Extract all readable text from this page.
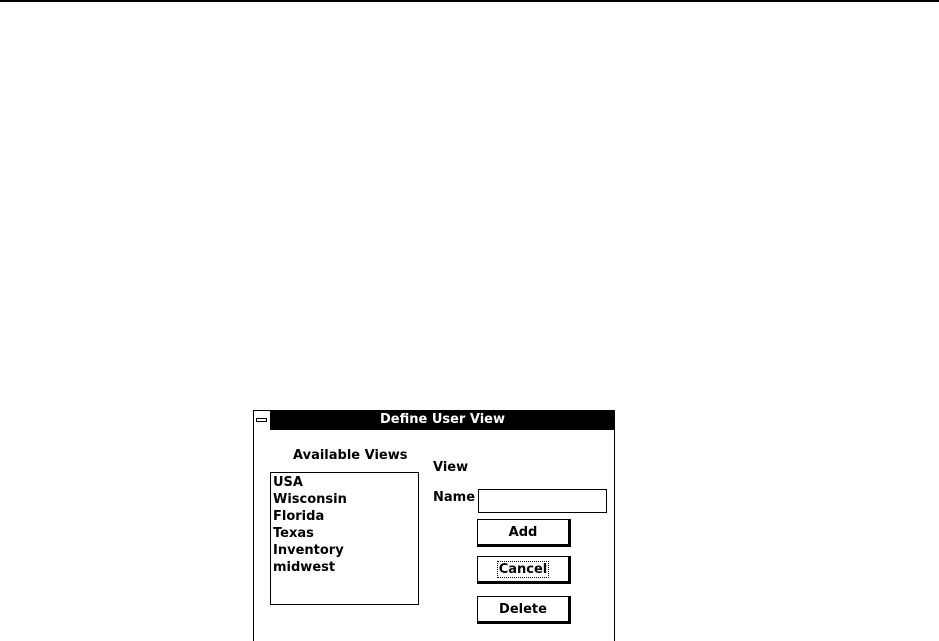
Define User View
Available Views
USA
Wisconsin
Florida
Texas
Inventory
midwest
View
Name
Add
Cancel
Delete
